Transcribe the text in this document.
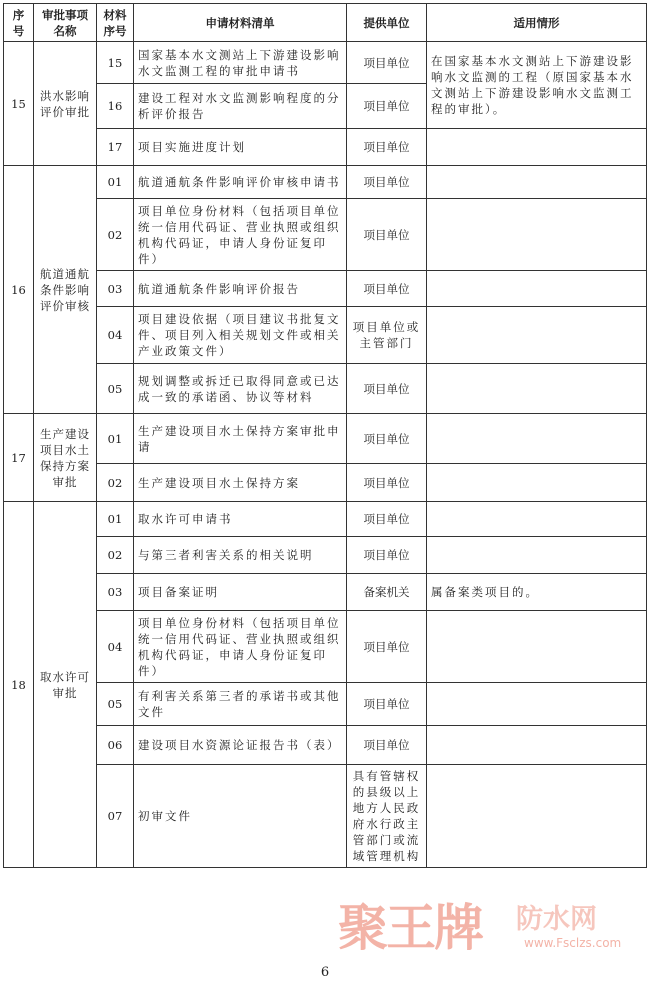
序号	审批事项名称	材料序号	申请材料清单	提供单位	适用情形
15	洪水影响评价审批	15	国家基本水文测站上下游建设影响水文监测工程的审批申请书	项目单位	在国家基本水文测站上下游建设影响水文监测的工程（原国家基本水文测站上下游建设影响水文监测工程的审批）。
		16	建设工程对水文监测影响程度的分析评价报告	项目单位	
		17	项目实施进度计划	项目单位	
16	航道通航条件影响评价审核	01	航道通航条件影响评价审核申请书	项目单位	
		02	项目单位身份材料（包括项目单位统一信用代码证、营业执照或组织机构代码证，申请人身份证复印件）	项目单位	
		03	航道通航条件影响评价报告	项目单位	
		04	项目建设依据（项目建议书批复文件、项目列入相关规划文件或相关产业政策文件）	项目单位或主管部门	
		05	规划调整或拆迁已取得同意或已达成一致的承诺函、协议等材料	项目单位	
17	生产建设项目水土保持方案审批	01	生产建设项目水土保持方案审批申请	项目单位	
		02	生产建设项目水土保持方案	项目单位	
18	取水许可审批	01	取水许可申请书	项目单位	
		02	与第三者利害关系的相关说明	项目单位	
		03	项目备案证明	备案机关	属备案类项目的。
		04	项目单位身份材料（包括项目单位统一信用代码证、营业执照或组织机构代码证，申请人身份证复印件）	项目单位	
		05	有利害关系第三者的承诺书或其他文件	项目单位	
		06	建设项目水资源论证报告书（表）	项目单位	
		07	初审文件	具有管辖权的县级以上地方人民政府水行政主管部门或流域管理机构	
聚王牌 防水网
www.Fsclzs.com
6
